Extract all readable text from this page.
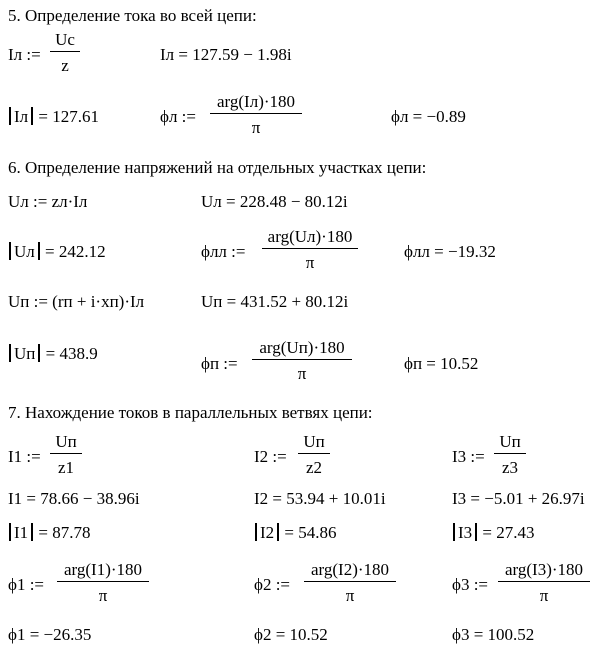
5. Определение тока во всей цепи:
Iл := $\frac{Uc}{z}$	Iл = 127.59 − 1.98i
Iл = 127.61	ϕл :=
arg(Iл)·180
π
ϕл = −0.89
6. Определение напряжений на отдельных участках цепи:
Uл := zл·Iл	Uл = 228.48 − 80.12i
Uл = 242.12	ϕлл :=
arg(Uл)·180
π
ϕлл = −19.32
Uп := (rп + i·xп)·Iл	Uп = 431.52 + 80.12i
Uп = 438.9
ϕп :=
arg(Uп)·180
π
ϕп = 10.52
7. Нахождение токов в параллельных ветвях цепи:
I1 :=
Uп
z1
I1 = 78.66 − 38.96i
I1 = 87.78
ϕ1 :=
arg(I1)·180
π
ϕ1 = −26.35
I2 :=
Uп
z2
I2 = 53.94 + 10.01i
I2 = 54.86
ϕ2 :=
arg(I2)·180
π
ϕ2 = 10.52
I3 :=
Uп
z3
I3 = −5.01 + 26.97i
I3 = 27.43
ϕ3 :=
arg(I3)·180
π
ϕ3 = 100.52
